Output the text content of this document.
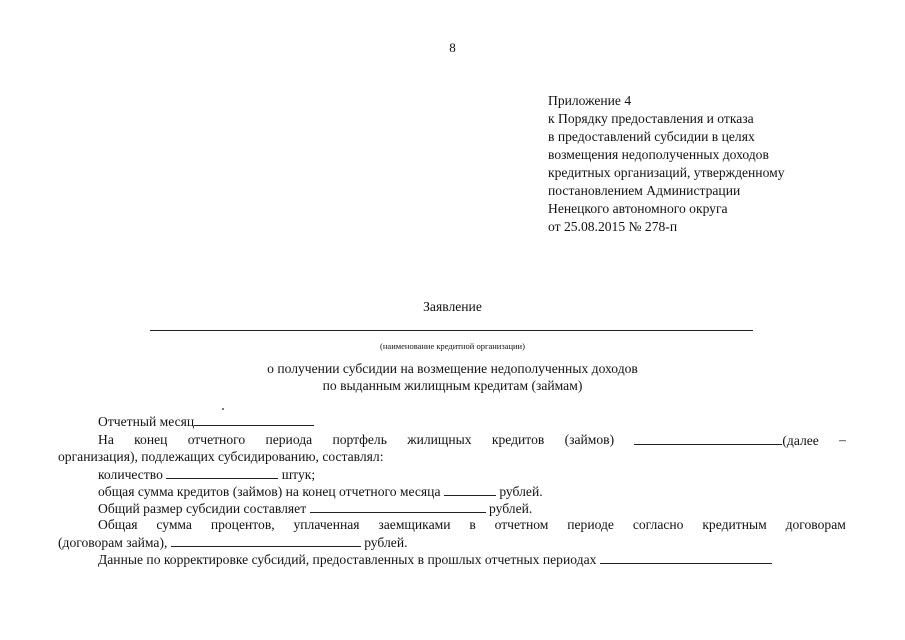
8
Приложение 4
к Порядку предоставления и отказа
в предоставлений субсидии в целях
возмещения недополученных доходов
кредитных организаций, утвержденному
постановлением Администрации
Ненецкого автономного округа
от 25.08.2015 № 278-п
Заявление
(наименование кредитной организации)
о получении субсидии на возмещение недополученных доходов
по выданным жилищным кредитам (займам)
Отчетный месяц
На конец отчетного периода портфель жилищных кредитов (займов)	(далее –
организация), подлежащих субсидированию, составлял:
количество	штук;
общая сумма кредитов (займов) на конец отчетного месяца	рублей.
Общий размер субсидии составляет	рублей.
Общая сумма процентов, уплаченная заемщиками в отчетном периоде согласно кредитным договорам
(договорам займа),	рублей.
Данные по корректировке субсидий, предоставленных в прошлых отчетных периодах
